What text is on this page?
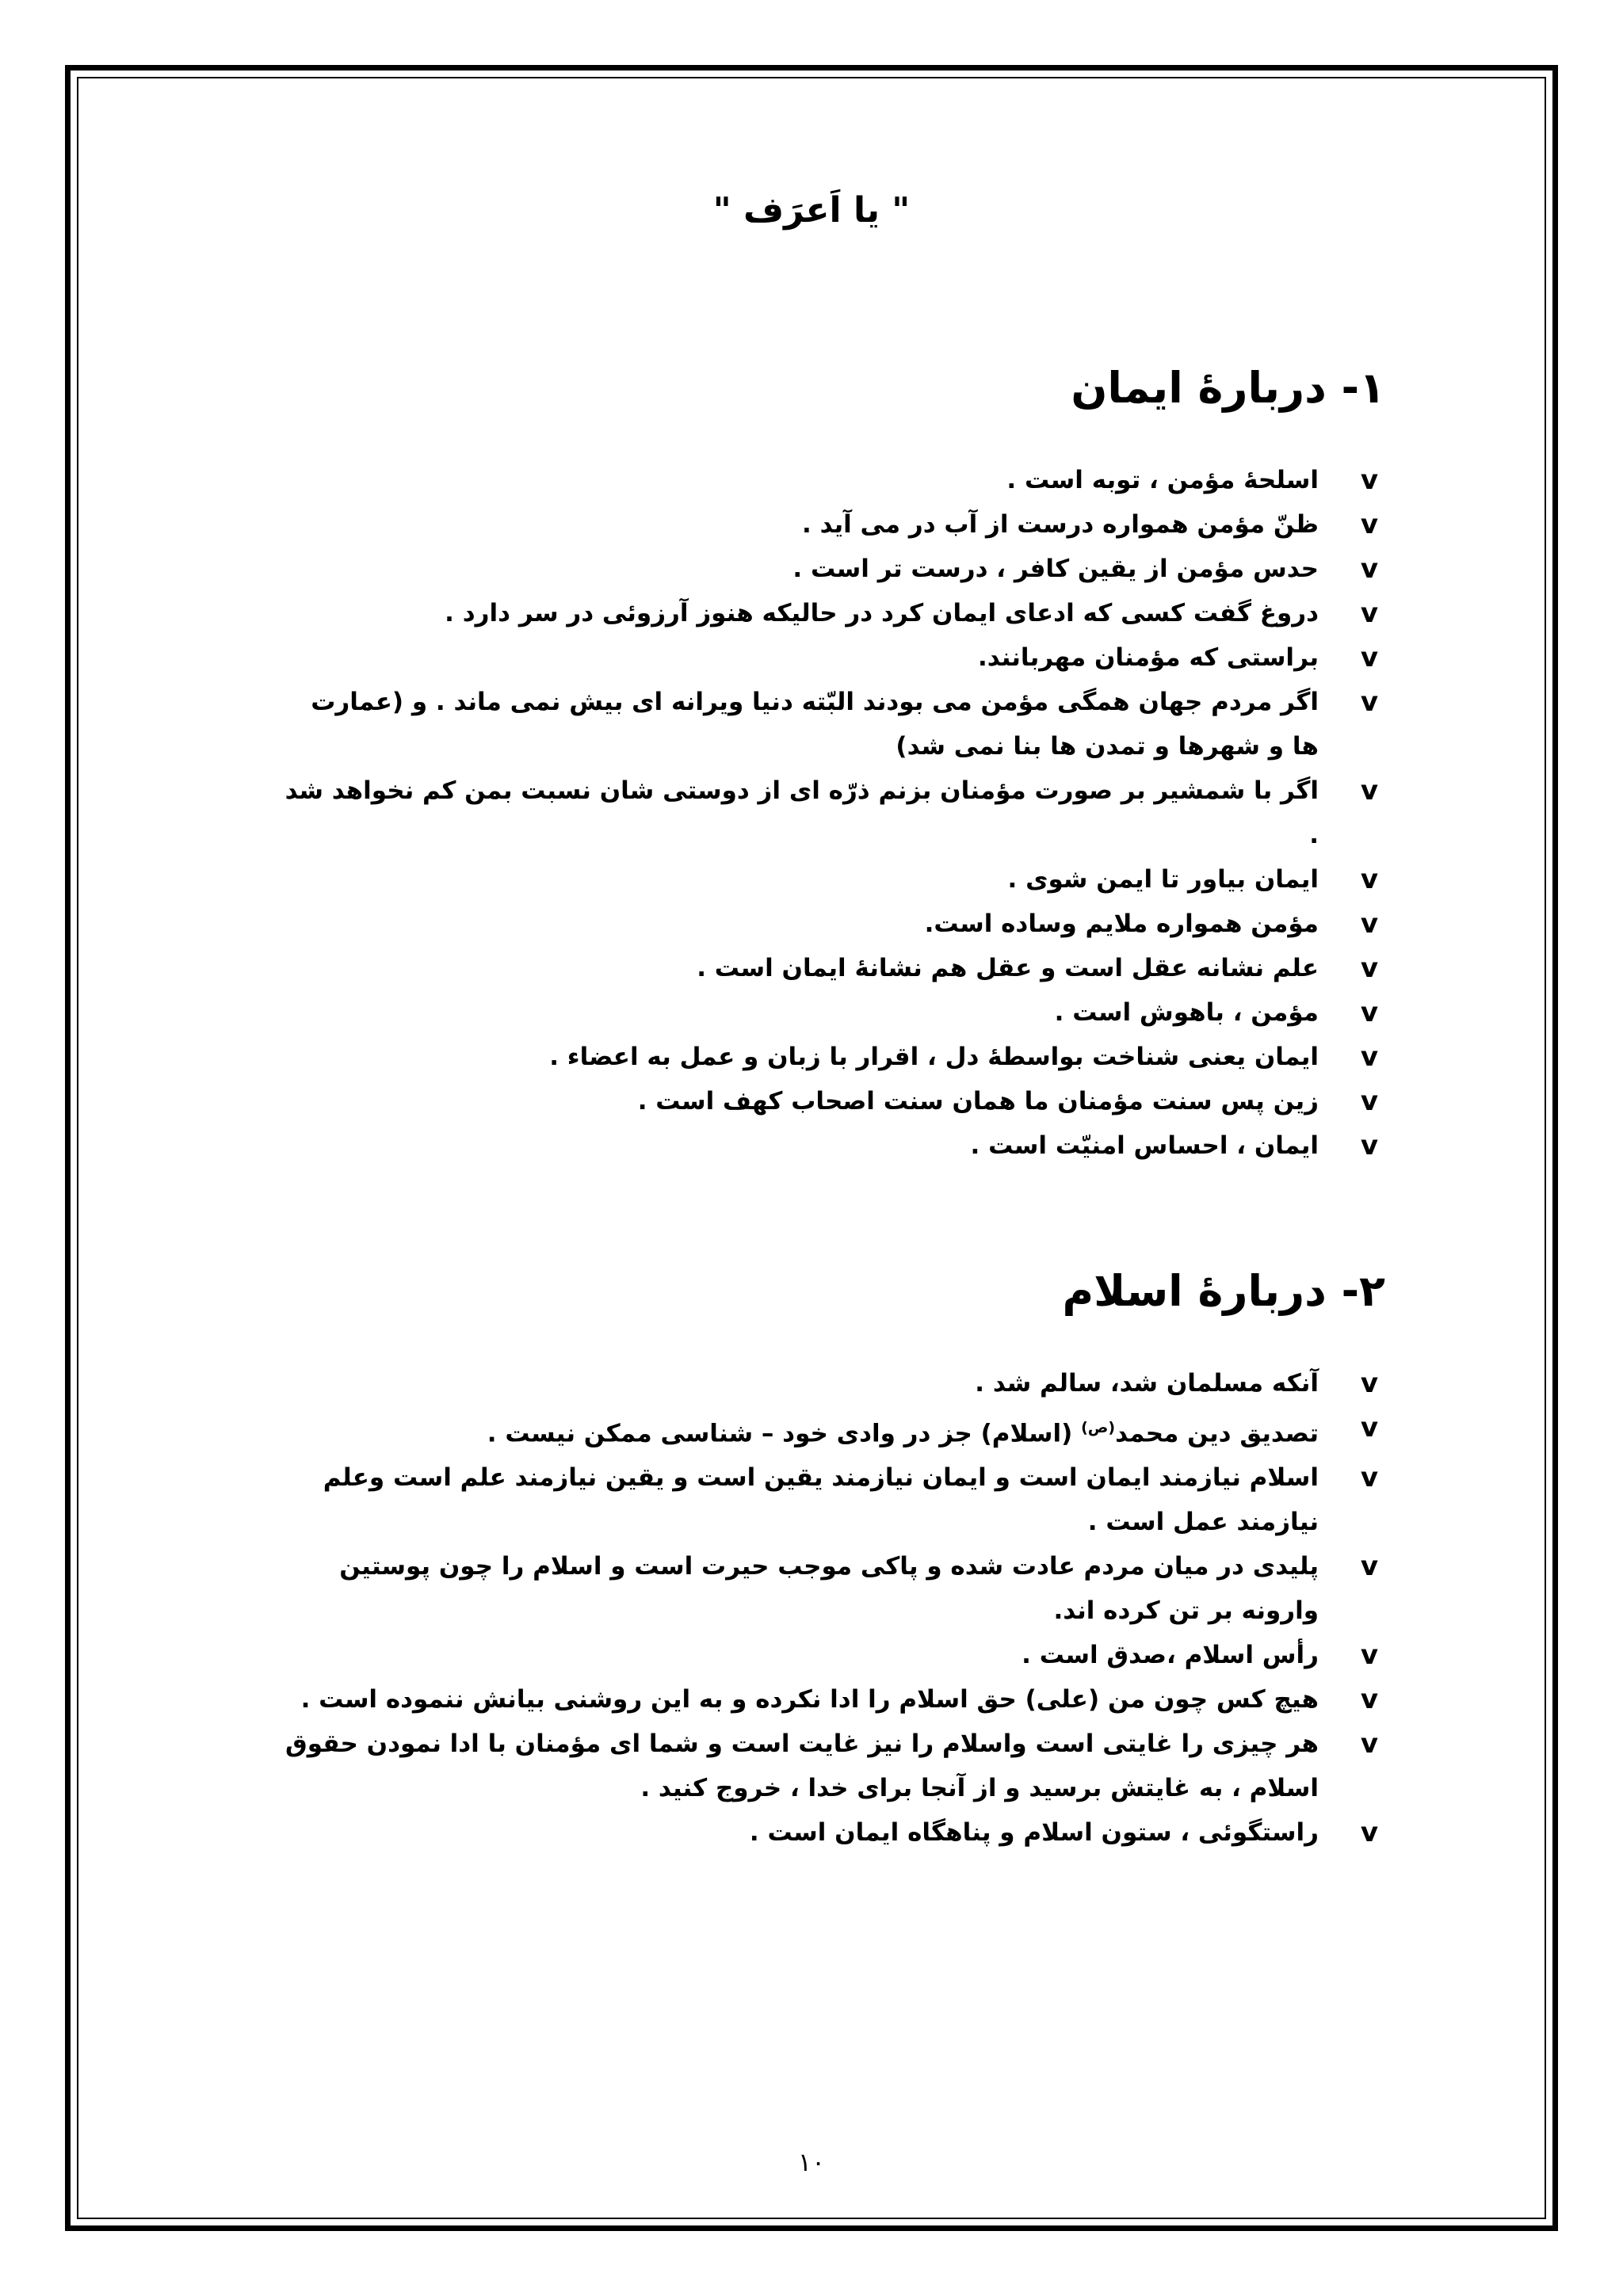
" یا اَعرَف "
۱- دربارهٔ ایمان
v
اسلحهٔ مؤمن ، توبه است .
v
ظنّ مؤمن همواره درست از آب در می آید .
v
حدس مؤمن از یقین کافر ، درست تر است .
v
دروغ گفت کسی که ادعای ایمان کرد در حالیکه هنوز آرزوئی در سر دارد .
v
براستی که مؤمنان مهربانند.
v
اگر مردم جهان همگی مؤمن می بودند البّته دنیا ویرانه ای بیش نمی ماند . و (عمارت ها و شهرها و تمدن ها بنا نمی شد)
v
اگر با شمشیر بر صورت مؤمنان بزنم ذرّه ای از دوستی شان نسبت بمن کم نخواهد شد .
v
ایمان بیاور تا ایمن شوی .
v
مؤمن همواره ملایم وساده است.
v
علم نشانه عقل است و عقل هم نشانهٔ ایمان است .
v
مؤمن ، باهوش است .
v
ایمان یعنی شناخت بواسطهٔ دل ، اقرار با زبان و عمل به اعضاء .
v
زین پس سنت مؤمنان ما همان سنت اصحاب کهف است .
v
ایمان ، احساس امنیّت است .
۲- دربارهٔ اسلام
v
آنکه مسلمان شد، سالم شد .
v
تصدیق دین محمد$^{(ص)}$ (اسلام) جز در وادی خود – شناسی ممکن نیست .
v
اسلام نیازمند ایمان است و ایمان نیازمند یقین است و یقین نیازمند علم است وعلم نیازمند عمل است .
v
پلیدی در میان مردم عادت شده و پاکی موجب حیرت است و اسلام را چون پوستین وارونه بر تن کرده اند.
v
رأس اسلام ،صدق است .
v
هیچ کس چون من (علی) حق اسلام را ادا نکرده و به این روشنی بیانش ننموده است .
v
هر چیزی را غایتی است واسلام را نیز غایت است و شما ای مؤمنان با ادا نمودن حقوق اسلام ، به غایتش برسید و از آنجا برای خدا ، خروج کنید .
v
راستگوئی ، ستون اسلام و پناهگاه ایمان است .
۱۰
